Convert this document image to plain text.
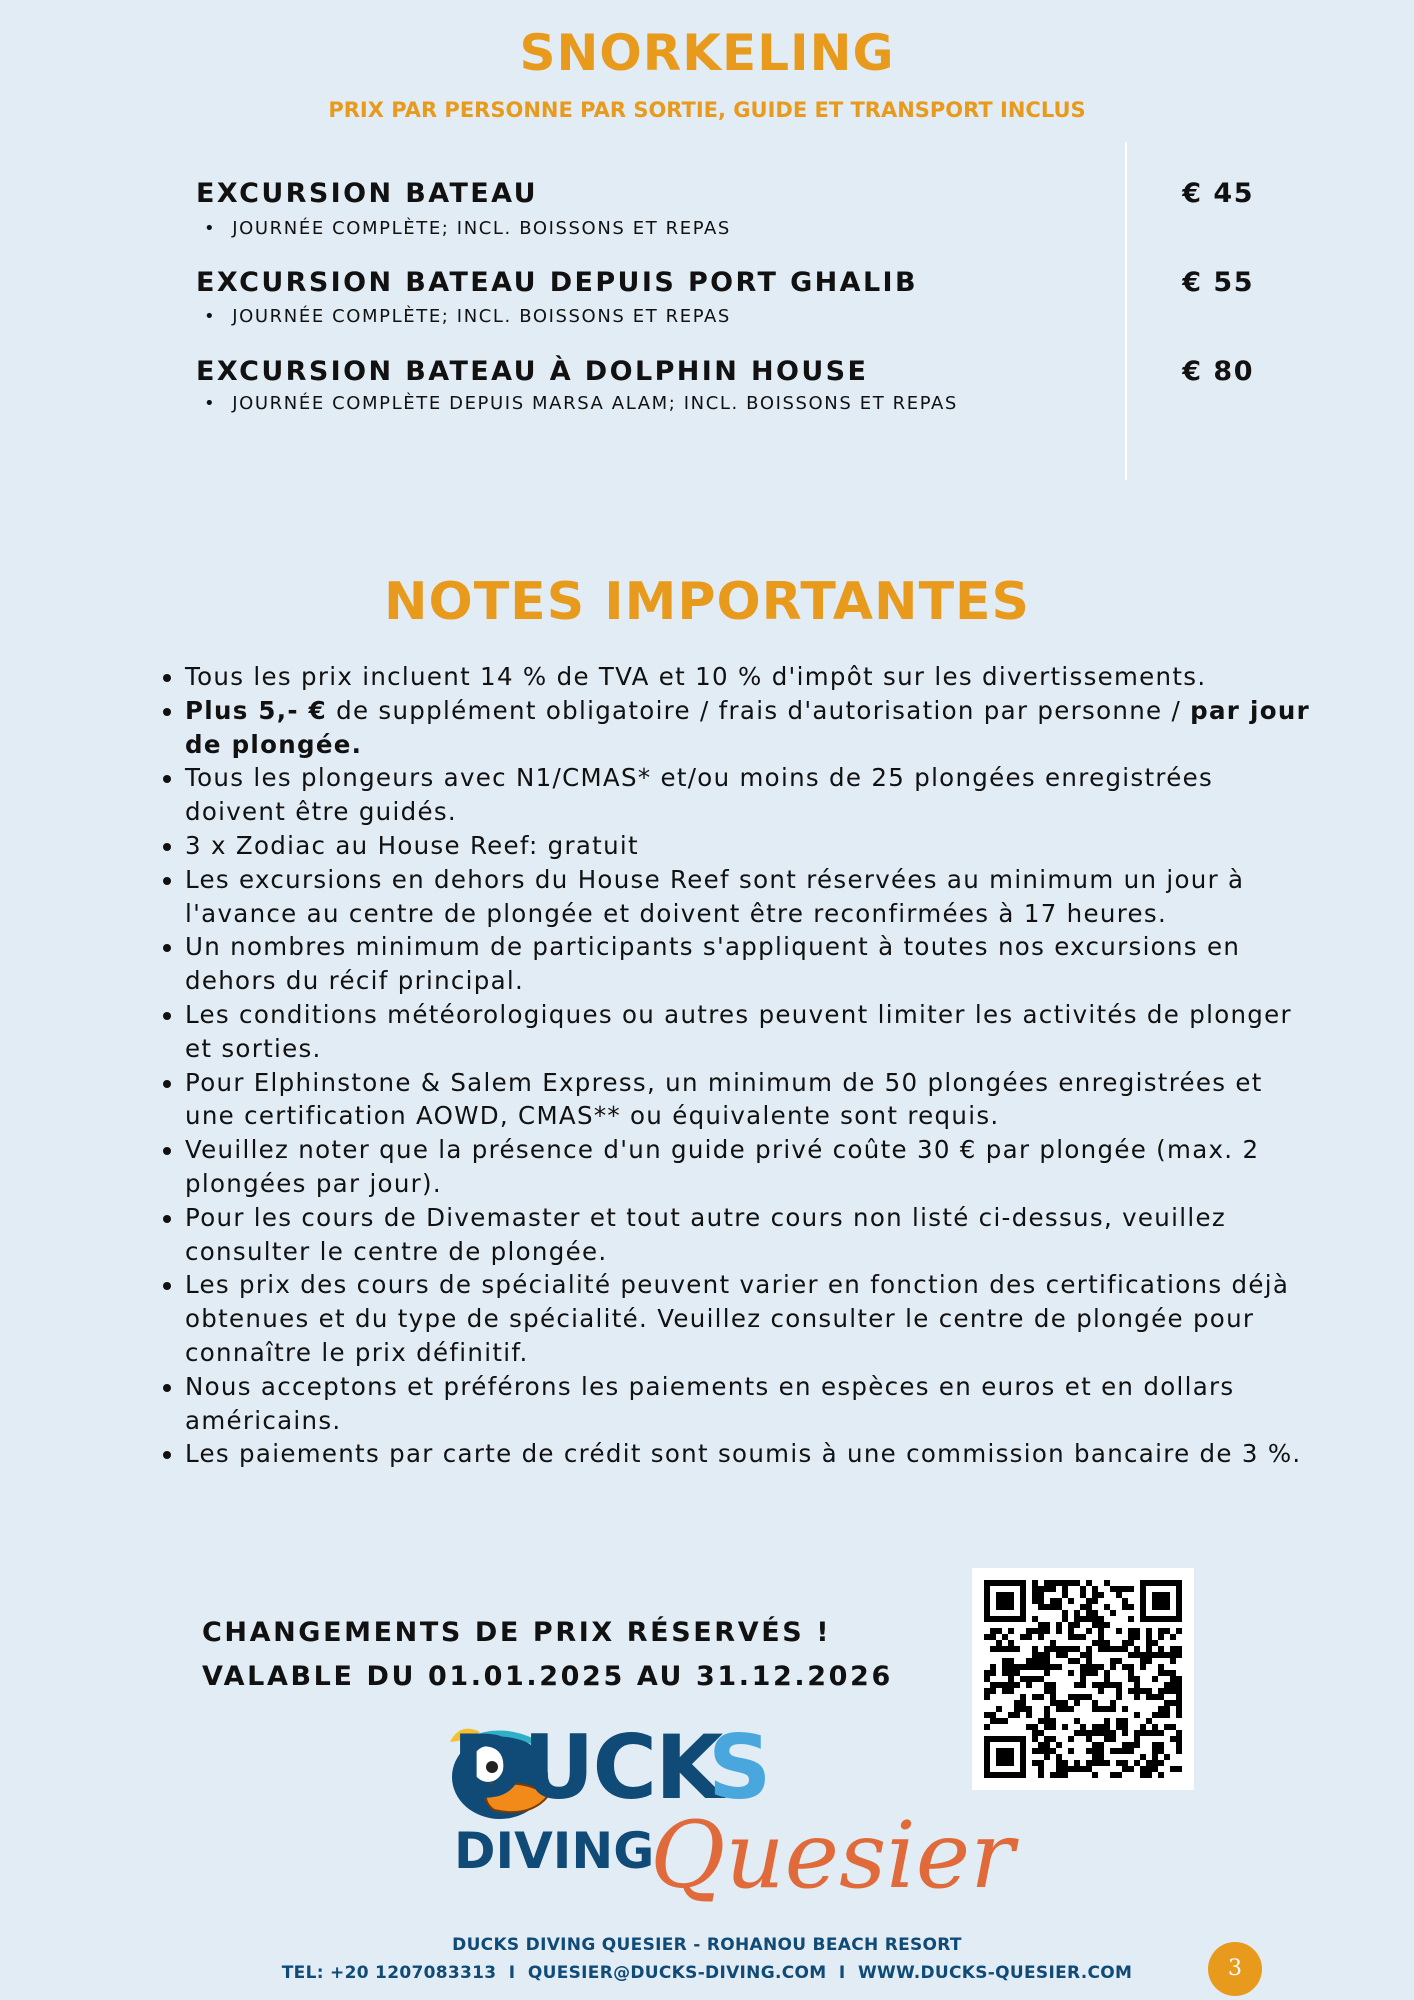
SNORKELING
PRIX PAR PERSONNE PAR SORTIE, GUIDE ET TRANSPORT INCLUS
EXCURSION BATEAU	€ 45
• JOURNÉE COMPLÈTE; INCL. BOISSONS ET REPAS
EXCURSION BATEAU DEPUIS PORT GHALIB	€ 55
• JOURNÉE COMPLÈTE; INCL. BOISSONS ET REPAS
EXCURSION BATEAU À DOLPHIN HOUSE	€ 80
• JOURNÉE COMPLÈTE DEPUIS MARSA ALAM; INCL. BOISSONS ET REPAS
NOTES IMPORTANTES
• Tous les prix incluent 14 % de TVA et 10 % d'impôt sur les divertissements.
• Plus 5,- € de supplément obligatoire / frais d'autorisation par personne / par jour de plongée.
• Tous les plongeurs avec N1/CMAS* et/ou moins de 25 plongées enregistrées doivent être guidés.
• 3 x Zodiac au House Reef: gratuit
• Les excursions en dehors du House Reef sont réservées au minimum un jour à l'avance au centre de plongée et doivent être reconfirmées à 17 heures.
• Un nombres minimum de participants s'appliquent à toutes nos excursions en dehors du récif principal.
• Les conditions météorologiques ou autres peuvent limiter les activités de plonger et sorties.
• Pour Elphinstone & Salem Express, un minimum de 50 plongées enregistrées et une certification AOWD, CMAS** ou équivalente sont requis.
• Veuillez noter que la présence d'un guide privé coûte 30 € par plongée (max. 2 plongées par jour).
• Pour les cours de Divemaster et tout autre cours non listé ci-dessus, veuillez consulter le centre de plongée.
• Les prix des cours de spécialité peuvent varier en fonction des certifications déjà obtenues et du type de spécialité. Veuillez consulter le centre de plongée pour connaître le prix définitif.
• Nous acceptons et préférons les paiements en espèces en euros et en dollars américains.
• Les paiements par carte de crédit sont soumis à une commission bancaire de 3 %.
CHANGEMENTS DE PRIX RÉSERVÉS !
VALABLE DU 01.01.2025 AU 31.12.2026
DUCK
S
DIVING
Quesier
DUCKS DIVING QUESIER - ROHANOU BEACH RESORT
TEL: +20 1207083313  I  QUESIER@DUCKS-DIVING.COM  I  WWW.DUCKS-QUESIER.COM	3
